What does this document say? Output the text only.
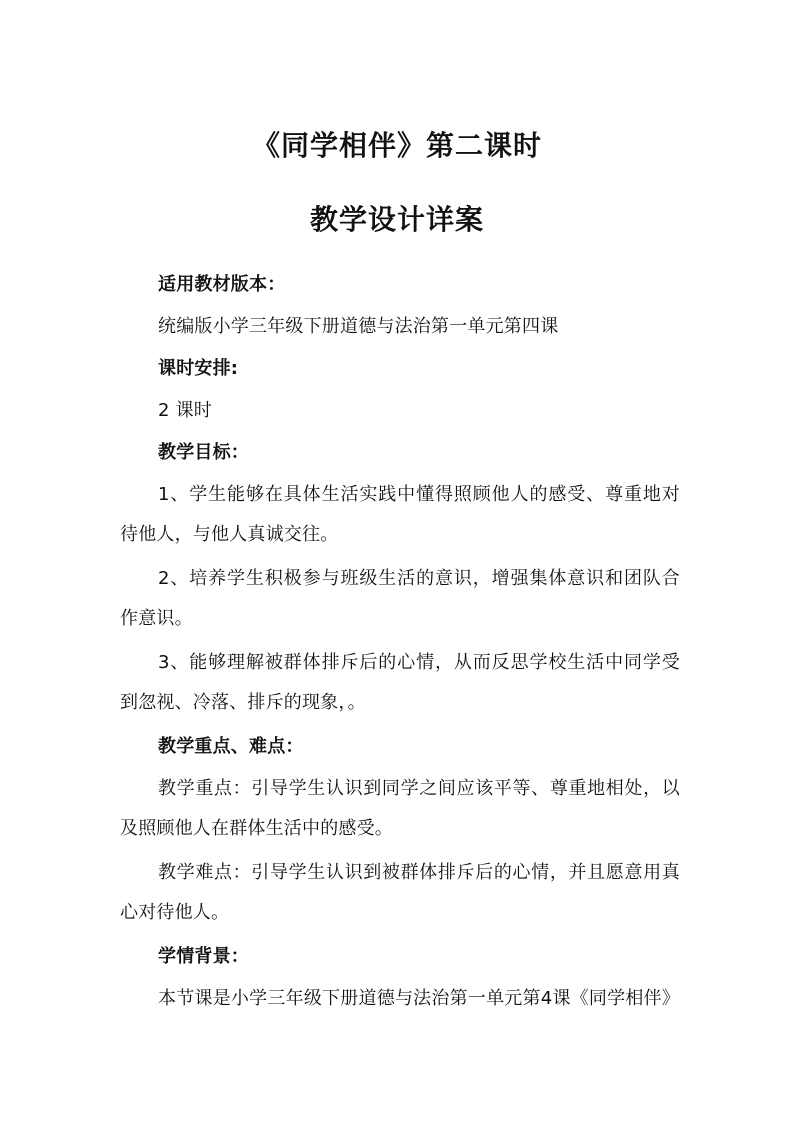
《同学相伴》第二课时
教学设计详案
适用教材版本：
统编版小学三年级下册道德与法治第一单元第四课
课时安排:
2 课时
教学目标：
1、学生能够在具体生活实践中懂得照顾他人的感受、尊重地对
待他人，与他人真诚交往。
2、培养学生积极参与班级生活的意识，增强集体意识和团队合
作意识。
3、能够理解被群体排斥后的心情，从而反思学校生活中同学受
到忽视、冷落、排斥的现象，。
教学重点、难点：
教学重点：引导学生认识到同学之间应该平等、尊重地相处，以
及照顾他人在群体生活中的感受。
教学难点：引导学生认识到被群体排斥后的心情，并且愿意用真
心对待他人。
学情背景：
本节课是小学三年级下册道德与法治第一单元第4课《同学相伴》
